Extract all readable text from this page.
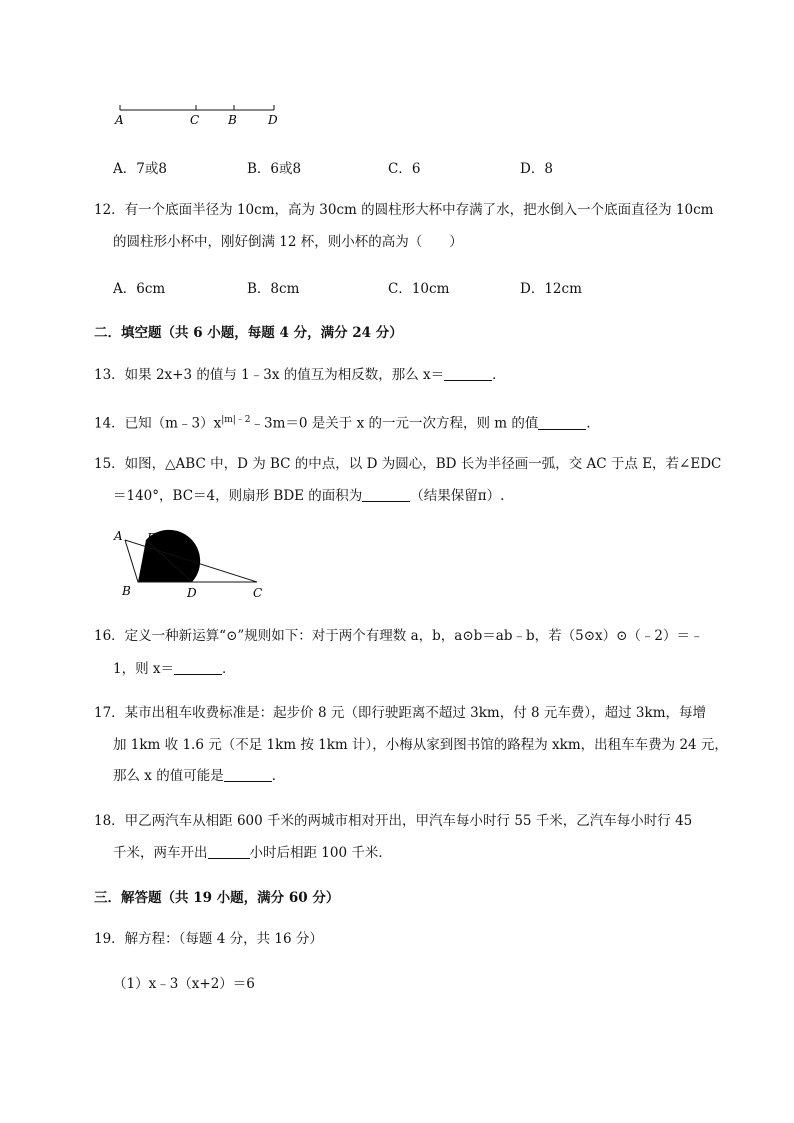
A	C B	D
A．7或8	B．6或8	C．6	D．8
12．有一个底面半径为 10cm，高为 30cm 的圆柱形大杯中存满了水，把水倒入一个底面直径为 10cm
的圆柱形小杯中，刚好倒满 12 杯，则小杯的高为（　　）
A．6cm	B．8cm	C．10cm	D．12cm
二．填空题（共 6 小题，每题 4 分，满分 24 分）
13．如果 2x+3 的值与 1﹣3x 的值互为相反数，那么 x＝	．
14．已知$(m﹣3)x^{|m|﹣2}﹣3m=0$ 是关于 x 的一元一次方程，则 m 的值	．
15．如图，△ABC 中，D 为 BC 的中点，以 D 为圆心，BD 长为半径画一弧，交 AC 于点 E，若∠EDC
＝140°，BC＝4，则扇形 BDE 的面积为	（结果保留π）.
A E
B	D	C
16．定义一种新运算“⊙”规则如下：对于两个有理数 a，b，a⊙b＝ab﹣b，若（5⊙x）⊙（﹣2）＝﹣
1，则 x＝	．
17．某市出租车收费标准是：起步价 8 元（即行驶距离不超过 3km，付 8 元车费），超过 3km，每增
加 1km 收 1.6 元（不足 1km 按 1km 计），小梅从家到图书馆的路程为 xkm，出租车车费为 24 元，
那么 x 的值可能是	．
18．甲乙两汽车从相距 600 千米的两城市相对开出，甲汽车每小时行 55 千米，乙汽车每小时行 45
千米，两车开出	小时后相距 100 千米．
三．解答题（共 19 小题，满分 60 分）
19．解方程：（每题 4 分，共 16 分）
（1）x﹣3（x+2）＝6
